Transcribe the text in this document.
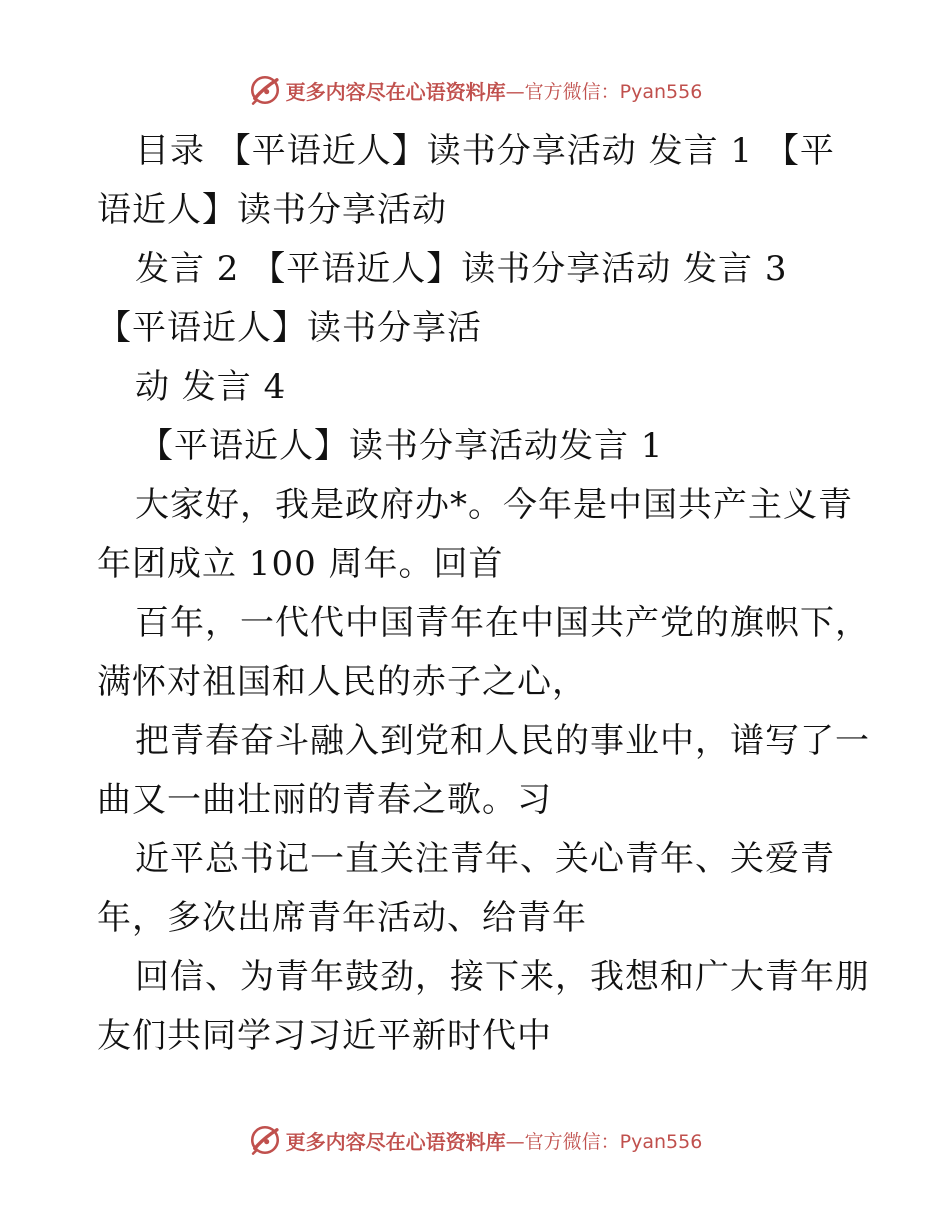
更多内容尽在心语资料库 —官方微信：Pyan556
目录 【平语近人】读书分享活动 发言 1 【平
语近人】读书分享活动
发言 2 【平语近人】读书分享活动 发言 3
【平语近人】读书分享活
动 发言 4
【平语近人】读书分享活动发言 1
大家好，我是政府办*。今年是中国共产主义青
年团成立 100 周年。回首
百年，一代代中国青年在中国共产党的旗帜下，
满怀对祖国和人民的赤子之心，
把青春奋斗融入到党和人民的事业中，谱写了一
曲又一曲壮丽的青春之歌。习
近平总书记一直关注青年、关心青年、关爱青
年，多次出席青年活动、给青年
回信、为青年鼓劲，接下来，我想和广大青年朋
友们共同学习习近平新时代中
更多内容尽在心语资料库 —官方微信：Pyan556
